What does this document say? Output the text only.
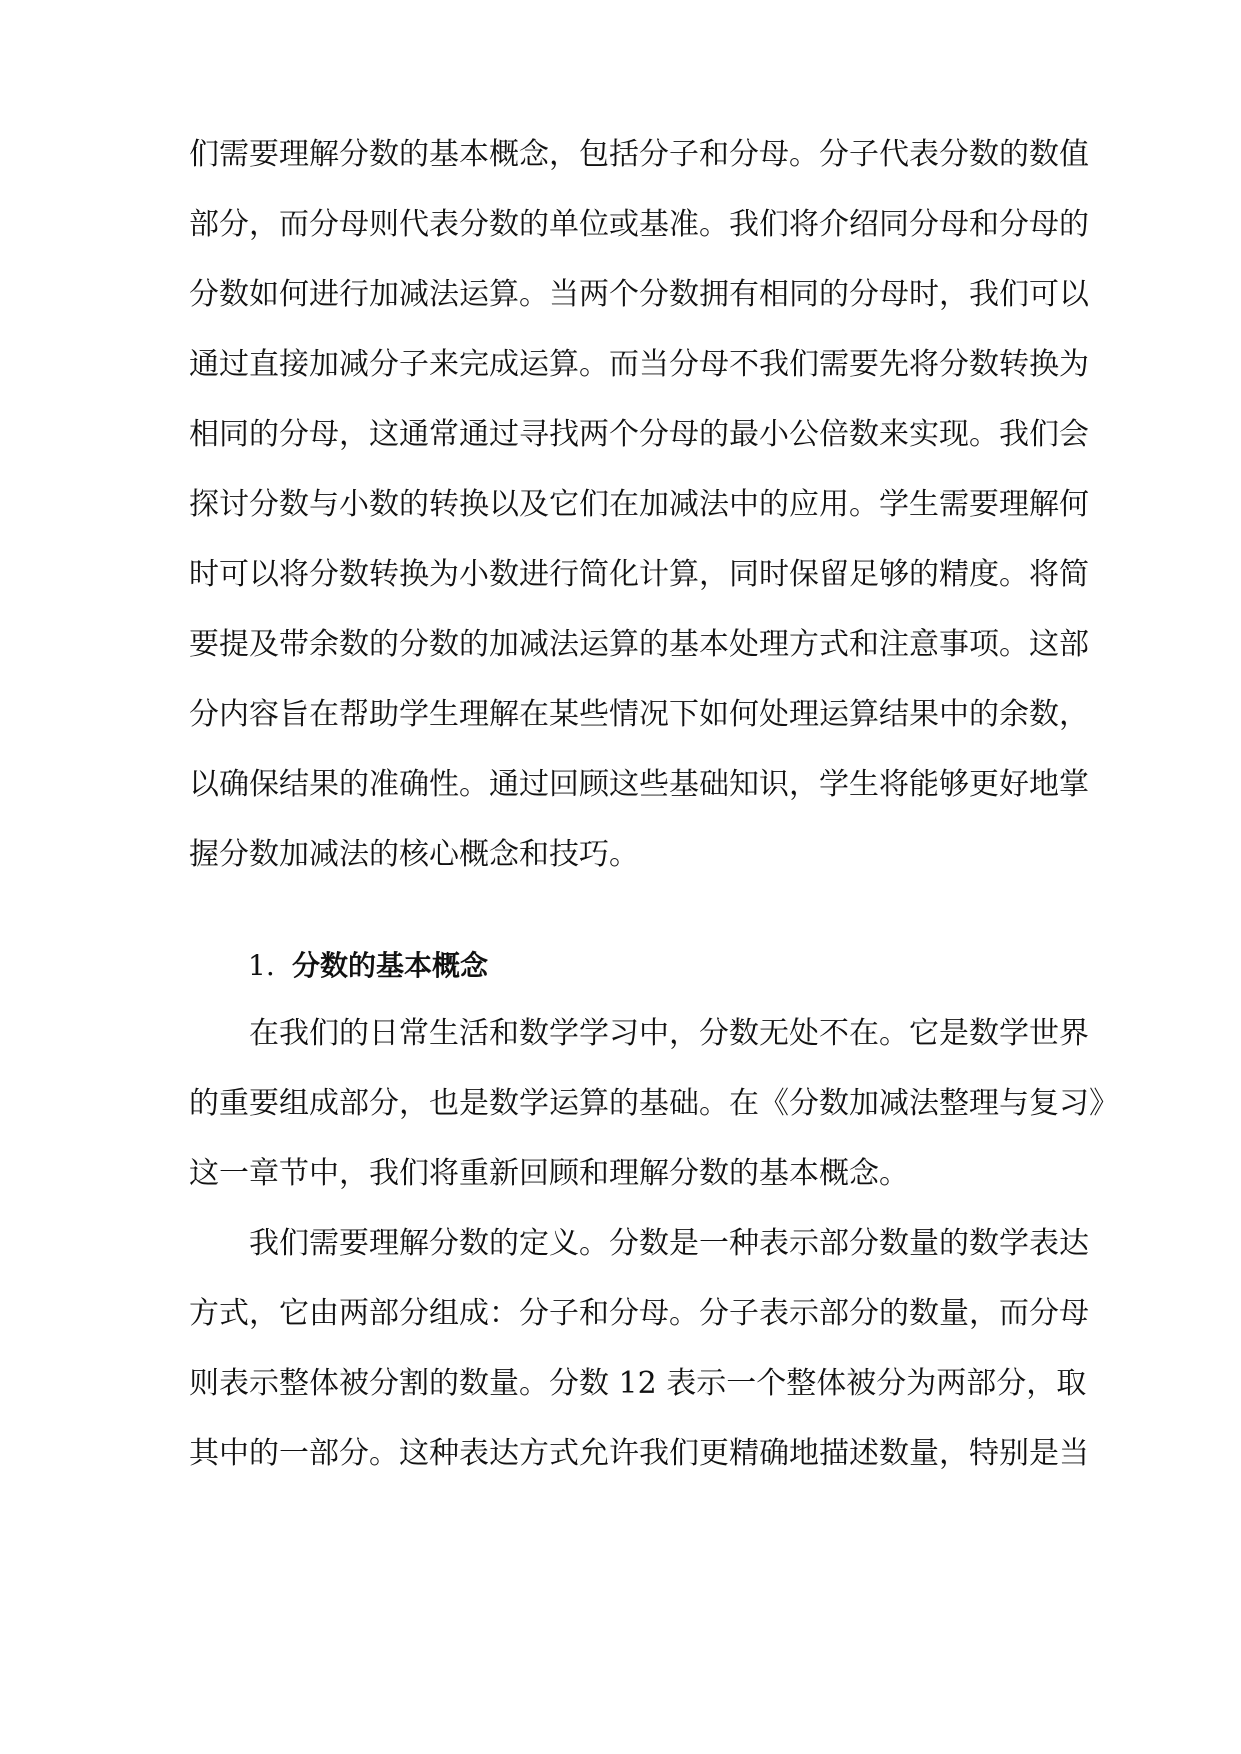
们需要理解分数的基本概念，包括分子和分母。分子代表分数的数值
部分，而分母则代表分数的单位或基准。我们将介绍同分母和分母的
分数如何进行加减法运算。当两个分数拥有相同的分母时，我们可以
通过直接加减分子来完成运算。而当分母不我们需要先将分数转换为
相同的分母，这通常通过寻找两个分母的最小公倍数来实现。我们会
探讨分数与小数的转换以及它们在加减法中的应用。学生需要理解何
时可以将分数转换为小数进行简化计算，同时保留足够的精度。将简
要提及带余数的分数的加减法运算的基本处理方式和注意事项。这部
分内容旨在帮助学生理解在某些情况下如何处理运算结果中的余数，
以确保结果的准确性。通过回顾这些基础知识，学生将能够更好地掌
握分数加减法的核心概念和技巧。
1. 分数的基本概念
在我们的日常生活和数学学习中，分数无处不在。它是数学世界
的重要组成部分，也是数学运算的基础。在《分数加减法整理与复习》
这一章节中，我们将重新回顾和理解分数的基本概念。
我们需要理解分数的定义。分数是一种表示部分数量的数学表达
方式，它由两部分组成：分子和分母。分子表示部分的数量，而分母
则表示整体被分割的数量。分数 12 表示一个整体被分为两部分，取
其中的一部分。这种表达方式允许我们更精确地描述数量，特别是当
